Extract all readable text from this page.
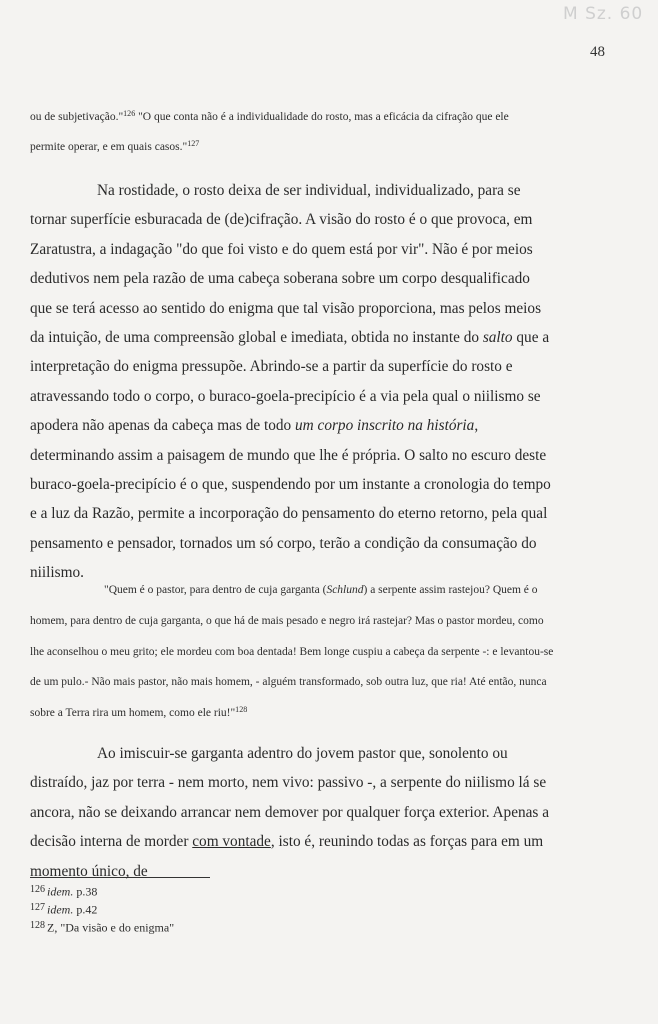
M Sz. 60
48

ou de subjetivação."$^{126}$ "O que conta não é a individualidade do rosto, mas a eficácia da cifração que ele

permite operar, e em quais casos."$^{127}$

Na rostidade, o rosto deixa de ser individual, individualizado, para se tornar superfície esburacada de (de)cifração. A visão do rosto é o que provoca, em Zaratustra, a indagação "do que foi visto e do quem está por vir". Não é por meios dedutivos nem pela razão de uma cabeça soberana sobre um corpo desqualificado que se terá acesso ao sentido do enigma que tal visão proporciona, mas pelos meios da intuição, de uma compreensão global e imediata, obtida no instante do salto que a interpretação do enigma pressupõe. Abrindo-se a partir da superfície do rosto e atravessando todo o corpo, o buraco-goela-precipício é a via pela qual o niilismo se apodera não apenas da cabeça mas de todo um corpo inscrito na história, determinando assim a paisagem de mundo que lhe é própria. O salto no escuro deste buraco-goela-precipício é o que, suspendendo por um instante a cronologia do tempo e a luz da Razão, permite a incorporação do pensamento do eterno retorno, pela qual pensamento e pensador, tornados um só corpo, terão a condição da consumação do niilismo.

"Quem é o pastor, para dentro de cuja garganta (Schlund) a serpente assim rastejou? Quem é o homem, para dentro de cuja garganta, o que há de mais pesado e negro irá rastejar? Mas o pastor mordeu, como lhe aconselhou o meu grito; ele mordeu com boa dentada! Bem longe cuspiu a cabeça da serpente -: e levantou-se de um pulo.- Não mais pastor, não mais homem, - alguém transformado, sob outra luz, que ria! Até então, nunca sobre a Terra rira um homem, como ele riu!"$^{128}$

Ao imiscuir-se garganta adentro do jovem pastor que, sonolento ou distraído, jaz por terra - nem morto, nem vivo: passivo -, a serpente do niilismo lá se ancora, não se deixando arrancar nem demover por qualquer força exterior. Apenas a decisão interna de morder com vontade, isto é, reunindo todas as forças para em um momento único, de

$^{126}$ idem. p.38
$^{127}$ idem. p.42
$^{128}$ Z, "Da visão e do enigma"
